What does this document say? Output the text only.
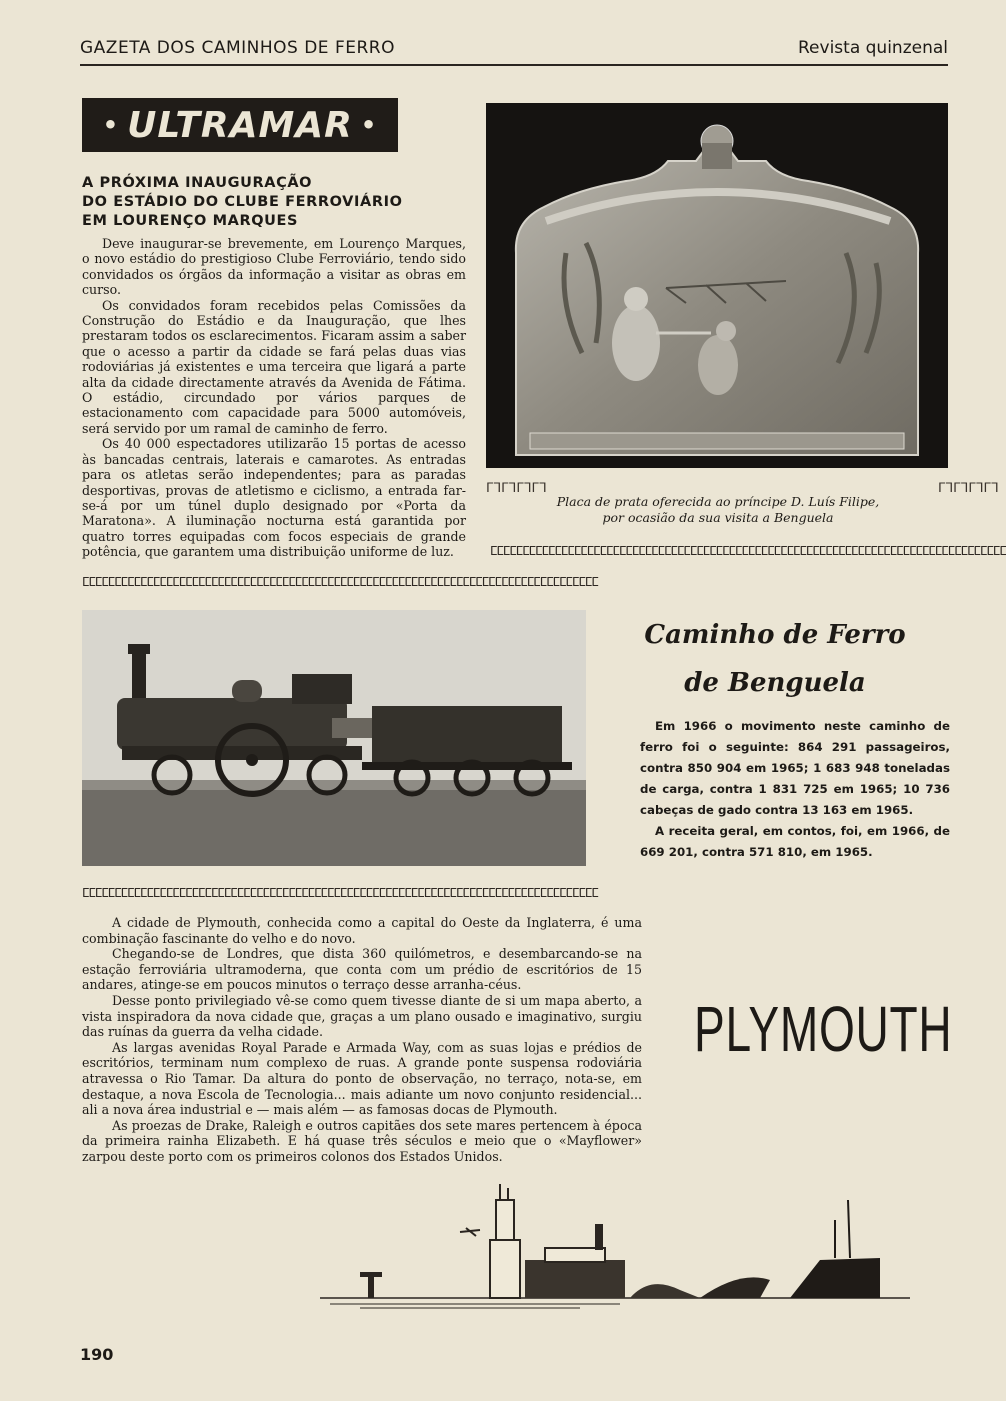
GAZETA DOS CAMINHOS DE FERRO	Revista quinzenal
• ULTRAMAR •
A PRÓXIMA INAUGURAÇÃO
DO ESTÁDIO DO CLUBE FERROVIÁRIO
EM LOURENÇO MARQUES

Deve inaugurar-se brevemente, em Lourenço Marques, o novo estádio do prestigioso Clube Ferroviário, tendo sido convidados os órgãos da informação a visitar as obras em curso.

Os convidados foram recebidos pelas Comissões da Construção do Estádio e da Inauguração, que lhes prestaram todos os esclarecimentos. Ficaram assim a saber que o acesso a partir da cidade se fará pelas duas vias rodoviárias já existentes e uma terceira que ligará a parte alta da cidade directamente através da Avenida de Fátima. O estádio, circundado por vários parques de estacionamento com capacidade para 5000 automóveis, será servido por um ramal de caminho de ferro.

Os 40 000 espectadores utilizarão 15 portas de acesso às bancadas centrais, laterais e camarotes. As entradas para os atletas serão independentes; para as paradas desportivas, provas de atletismo e ciclismo, a entrada far-se-á por um túnel duplo designado por «Porta da Maratona». A iluminação nocturna está garantida por quatro torres equipadas com focos especiais de grande potência, que garantem uma distribuição uniforme de luz.

ᒥᒣᒥᒣᒥᒣᒥᒣ	ᒥᒣᒥᒣᒥᒣᒥᒣ
Placa de prata oferecida ao príncipe D. Luís Filipe,
por ocasião da sua visita a Benguela
ⵎⵎⵎⵎⵎⵎⵎⵎⵎⵎⵎⵎⵎⵎⵎⵎⵎⵎⵎⵎⵎⵎⵎⵎⵎⵎⵎⵎⵎⵎⵎⵎⵎⵎⵎⵎⵎⵎⵎⵎⵎⵎⵎⵎⵎⵎⵎⵎⵎⵎⵎⵎⵎⵎⵎⵎⵎⵎⵎⵎⵎⵎⵎⵎⵎⵎⵎⵎⵎⵎⵎⵎⵎⵎⵎⵎⵎⵎⵎⵎ
ⵎⵎⵎⵎⵎⵎⵎⵎⵎⵎⵎⵎⵎⵎⵎⵎⵎⵎⵎⵎⵎⵎⵎⵎⵎⵎⵎⵎⵎⵎⵎⵎⵎⵎⵎⵎⵎⵎⵎⵎⵎⵎⵎⵎⵎⵎⵎⵎⵎⵎⵎⵎⵎⵎⵎⵎⵎⵎⵎⵎⵎⵎⵎⵎⵎⵎⵎⵎⵎⵎⵎⵎⵎⵎⵎⵎⵎⵎⵎⵎ
Caminho de Ferro
de Benguela

Em 1966 o movimento neste caminho de ferro foi o seguinte: 864 291 passageiros, contra 850 904 em 1965; 1 683 948 toneladas de carga, contra 1 831 725 em 1965; 10 736 cabeças de gado contra 13 163 em 1965.

A receita geral, em contos, foi, em 1966, de 669 201, contra 571 810, em 1965.

ⵎⵎⵎⵎⵎⵎⵎⵎⵎⵎⵎⵎⵎⵎⵎⵎⵎⵎⵎⵎⵎⵎⵎⵎⵎⵎⵎⵎⵎⵎⵎⵎⵎⵎⵎⵎⵎⵎⵎⵎⵎⵎⵎⵎⵎⵎⵎⵎⵎⵎⵎⵎⵎⵎⵎⵎⵎⵎⵎⵎⵎⵎⵎⵎⵎⵎⵎⵎⵎⵎⵎⵎⵎⵎⵎⵎⵎⵎⵎⵎ

A cidade de Plymouth, conhecida como a capital do Oeste da Inglaterra, é uma combinação fascinante do velho e do novo.

Chegando-se de Londres, que dista 360 quilómetros, e desembarcando-se na estação ferroviária ultramoderna, que conta com um prédio de escritórios de 15 andares, atinge-se em poucos minutos o terraço desse arranha-céus.

Desse ponto privilegiado vê-se como quem tivesse diante de si um mapa aberto, a vista inspiradora da nova cidade que, graças a um plano ousado e imaginativo, surgiu das ruínas da guerra da velha cidade.

As largas avenidas Royal Parade e Armada Way, com as suas lojas e prédios de escritórios, terminam num complexo de ruas. A grande ponte suspensa rodoviária atravessa o Rio Tamar. Da altura do ponto de observação, no terraço, nota-se, em destaque, a nova Escola de Tecnologia... mais adiante um novo conjunto residencial... ali a nova área industrial e — mais além — as famosas docas de Plymouth.

As proezas de Drake, Raleigh e outros capitães dos sete mares pertencem à época da primeira rainha Elizabeth. E há quase três séculos e meio que o «Mayflower» zarpou deste porto com os primeiros colonos dos Estados Unidos.

PLYMOUTH
190
